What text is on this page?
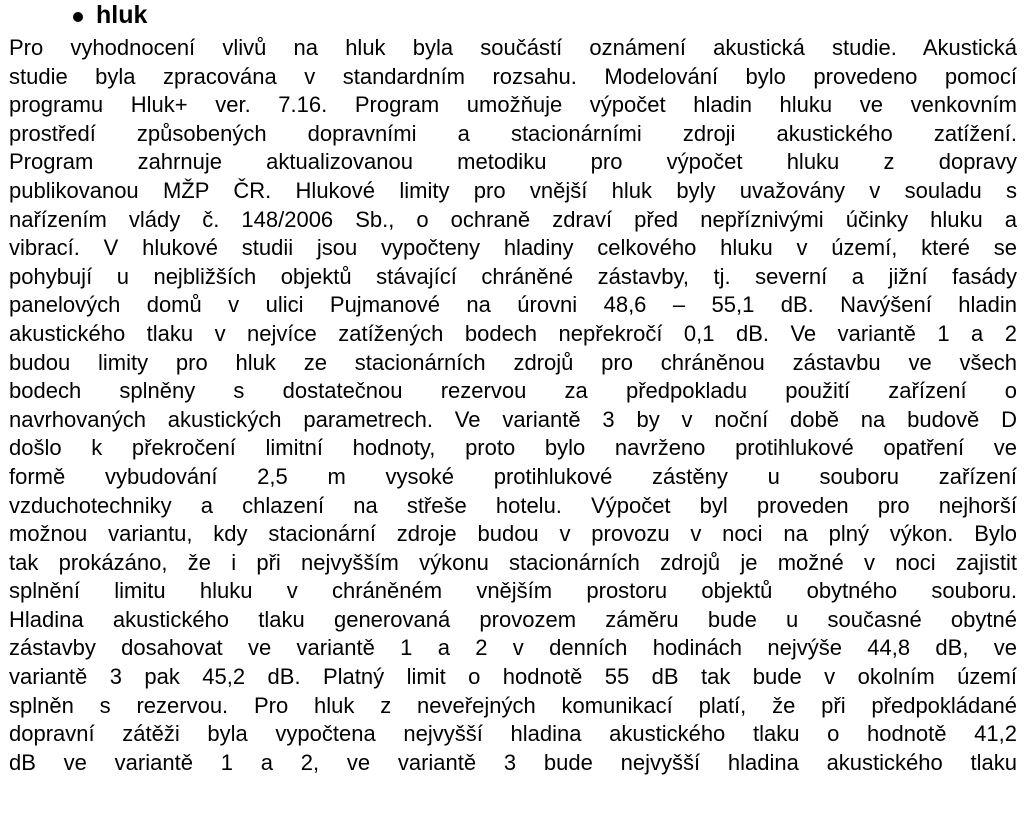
hluk
Pro vyhodnocení vlivů na hluk byla součástí oznámení akustická studie. Akustická
studie byla zpracována v standardním rozsahu. Modelování bylo provedeno pomocí
programu Hluk+ ver. 7.16. Program umožňuje výpočet hladin hluku ve venkovním
prostředí způsobených dopravními a stacionárními zdroji akustického zatížení.
Program zahrnuje aktualizovanou metodiku pro výpočet hluku z dopravy
publikovanou MŽP ČR. Hlukové limity pro vnější hluk byly uvažovány v souladu s
nařízením vlády č. 148/2006 Sb., o ochraně zdraví před nepříznivými účinky hluku a
vibrací. V hlukové studii jsou vypočteny hladiny celkového hluku v území, které se
pohybují u nejbližších objektů stávající chráněné zástavby, tj. severní a jižní fasády
panelových domů v ulici Pujmanové na úrovni 48,6 – 55,1 dB. Navýšení hladin
akustického tlaku v nejvíce zatížených bodech nepřekročí 0,1 dB. Ve variantě 1 a 2
budou limity pro hluk ze stacionárních zdrojů pro chráněnou zástavbu ve všech
bodech splněny s dostatečnou rezervou za předpokladu použití zařízení o
navrhovaných akustických parametrech. Ve variantě 3 by v noční době na budově D
došlo k překročení limitní hodnoty, proto bylo navrženo protihlukové opatření ve
formě vybudování 2,5 m vysoké protihlukové zástěny u souboru zařízení
vzduchotechniky a chlazení na střeše hotelu. Výpočet byl proveden pro nejhorší
možnou variantu, kdy stacionární zdroje budou v provozu v noci na plný výkon. Bylo
tak prokázáno, že i při nejvyšším výkonu stacionárních zdrojů je možné v noci zajistit
splnění limitu hluku v chráněném vnějším prostoru objektů obytného souboru.
Hladina akustického tlaku generovaná provozem záměru bude u současné obytné
zástavby dosahovat ve variantě 1 a 2 v denních hodinách nejvýše 44,8 dB, ve
variantě 3 pak 45,2 dB. Platný limit o hodnotě 55 dB tak bude v okolním území
splněn s rezervou. Pro hluk z neveřejných komunikací platí, že při předpokládané
dopravní zátěži byla vypočtena nejvyšší hladina akustického tlaku o hodnotě 41,2
dB ve variantě 1 a 2, ve variantě 3 bude nejvyšší hladina akustického tlaku
